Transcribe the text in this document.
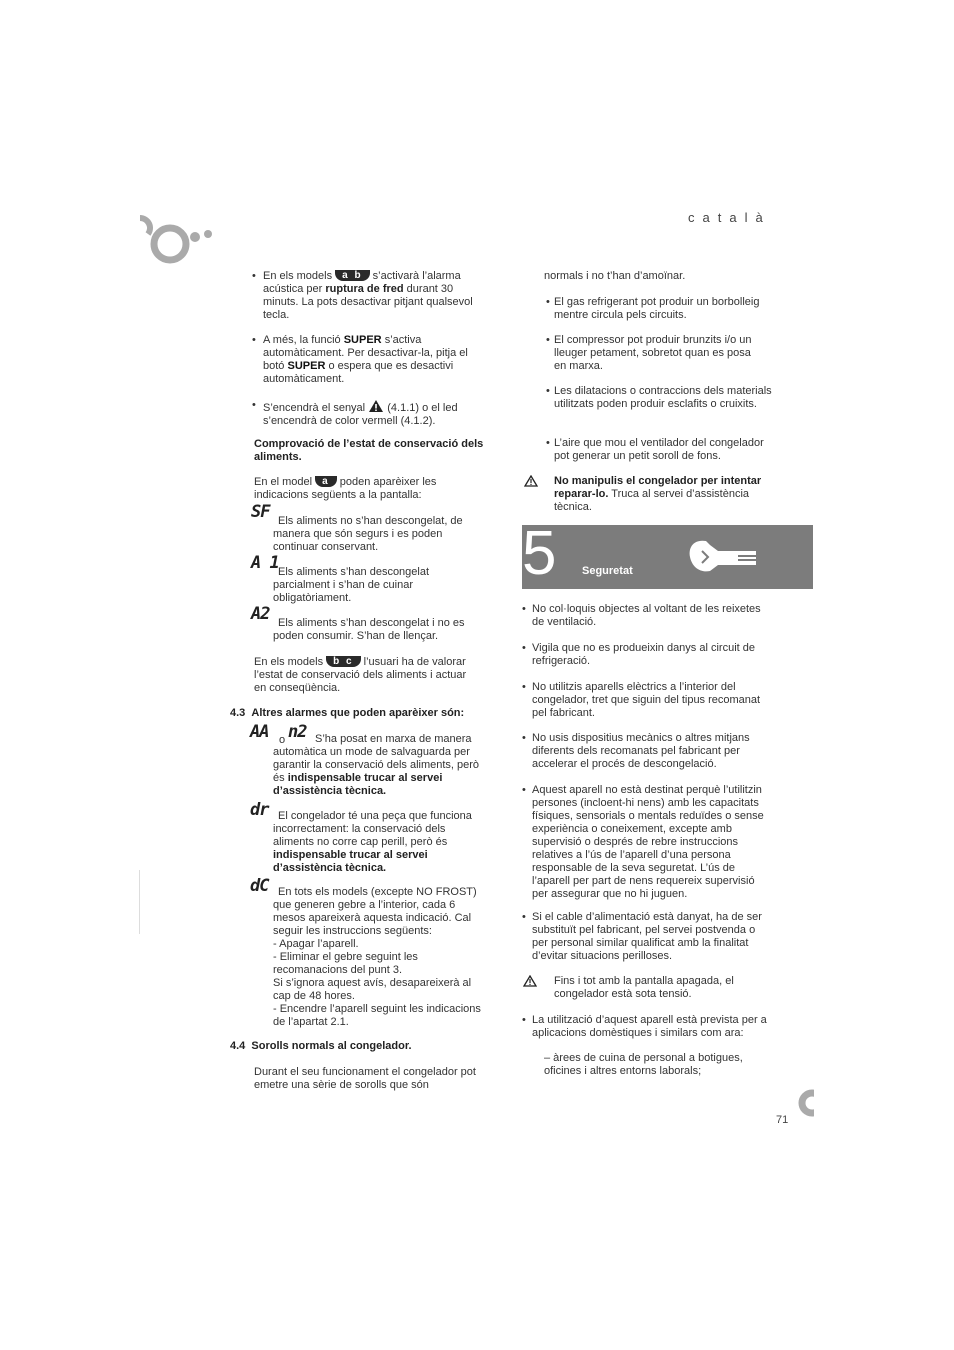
català
• En els models a b s’activarà l’alarma acústica per ruptura de fred durant 30 minuts. La pots desactivar pitjant qualsevol tecla.

• A més, la funció SUPER s’activa automàticament. Per desactivar-la, pitja el botó SUPER o espera que es desactivi automàticament.

• S’encendrà el senyal (4.1.1) o el led s’encendrà de color vermell (4.1.2).

Comprovació de l’estat de conservació dels aliments.

En el model a poden aparèixer les indicacions següents a la pantalla:

SF Els aliments no s’han descongelat, de manera que són segurs i es poden continuar conservant.

A 1 Els aliments s’han descongelat parcialment i s’han de cuinar obligatòriament.

A2 Els aliments s’han descongelat i no es poden consumir. S’han de llençar.

En els models b c l’usuari ha de valorar l’estat de conservació dels aliments i actuar en conseqüència.

4.3 Altres alarmes que poden aparèixer són:
AA o n2 S’ha posat en marxa de manera automàtica un mode de salvaguarda per garantir la conservació dels aliments, però és indispensable trucar al servei d’assistència tècnica.

dr El congelador té una peça que funciona incorrectament: la conservació dels aliments no corre cap perill, però és indispensable trucar al servei d’assistència tècnica.

dC En tots els models (excepte NO FROST) que generen gebre a l’interior, cada 6 mesos apareixerà aquesta indicació. Cal seguir les instruccions següents:

- Apagar l’aparell.

- Eliminar el gebre seguint les recomanacions del punt 3.

Si s’ignora aquest avís, desapareixerà al cap de 48 hores.

- Encendre l’aparell seguint les indicacions de l’apartat 2.1.

4.4 Sorolls normals al congelador.

Durant el seu funcionament el congelador pot emetre una sèrie de sorolls que són

normals i no t’han d’amoïnar.

• El gas refrigerant pot produir un borbolleig mentre circula pels circuits.

• El compressor pot produir brunzits i/o un lleuger petament, sobretot quan es posa en marxa.

• Les dilatacions o contraccions dels materials utilitzats poden produir esclafits o cruixits.

• L’aire que mou el ventilador del congelador pot generar un petit soroll de fons.

No manipulis el congelador per intentar reparar-lo. Truca al servei d’assistència tècnica.

5 Seguretat
• No col·loquis objectes al voltant de les reixetes de ventilació.

• Vigila que no es produeixin danys al circuit de refrigeració.

• No utilitzis aparells elèctrics a l’interior del congelador, tret que siguin del tipus recomanat pel fabricant.

• No usis dispositius mecànics o altres mitjans diferents dels recomanats pel fabricant per accelerar el procés de descongelació.

• Aquest aparell no està destinat perquè l’utilitzin persones (incloent-hi nens) amb les capacitats físiques, sensorials o mentals reduïdes o sense experiència o coneixement, excepte amb supervisió o després de rebre instruccions relatives a l’ús de l’aparell d’una persona responsable de la seva seguretat. L’ús de l’aparell per part de nens requereix supervisió per assegurar que no hi juguen.

• Si el cable d’alimentació està danyat, ha de ser substituït pel fabricant, pel servei postvenda o per personal similar qualificat amb la finalitat d’evitar situacions perilloses.

Fins i tot amb la pantalla apagada, el congelador està sota tensió.

• La utilització d’aquest aparell està prevista per a aplicacions domèstiques i similars com ara:

– àrees de cuina de personal a botigues, oficines i altres entorns laborals;

71
